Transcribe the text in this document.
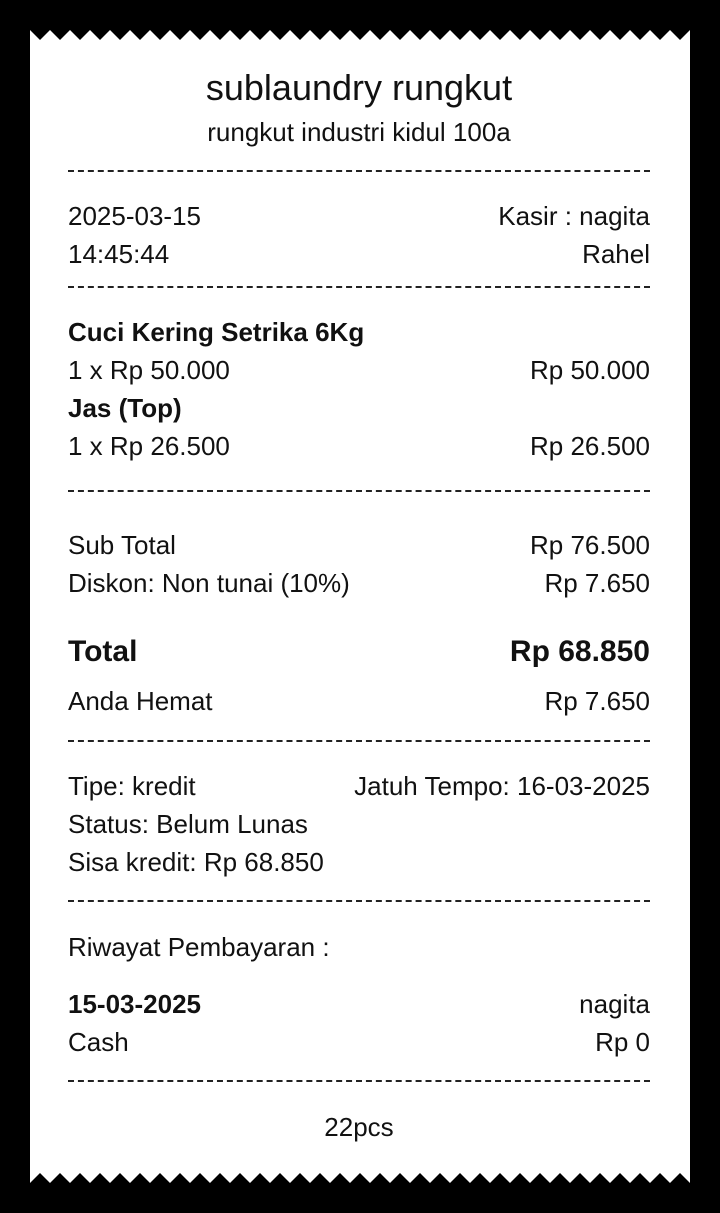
sublaundry rungkut
rungkut industri kidul 100a
2025-03-15	Kasir : nagita
14:45:44	Rahel
Cuci Kering Setrika 6Kg
1 x Rp 50.000	Rp 50.000
Jas (Top)
1 x Rp 26.500	Rp 26.500
Sub Total	Rp 76.500
Diskon: Non tunai (10%)	Rp 7.650
Total	Rp 68.850
Anda Hemat	Rp 7.650
Tipe: kredit	Jatuh Tempo: 16-03-2025
Status: Belum Lunas
Sisa kredit: Rp 68.850
Riwayat Pembayaran :
15-03-2025	nagita
Cash	Rp 0
22pcs
